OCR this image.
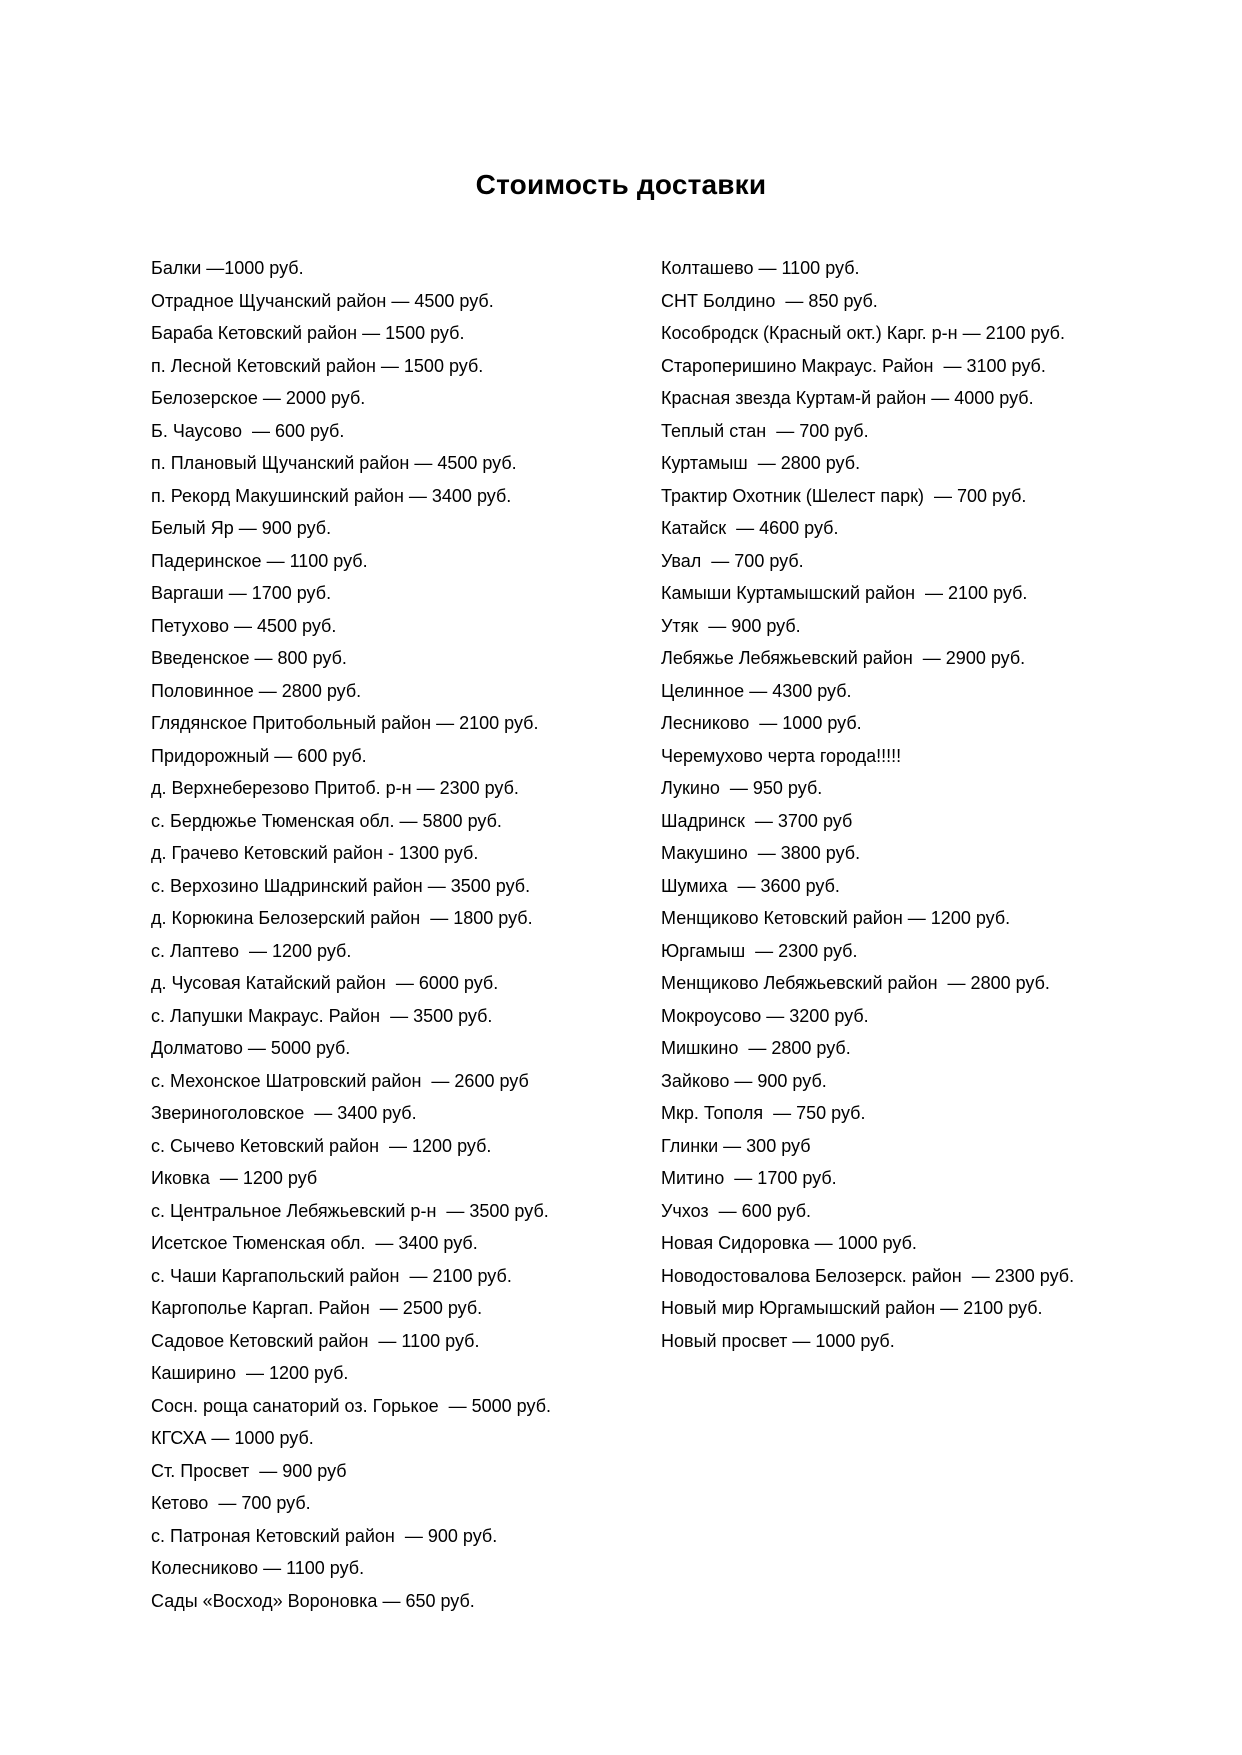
Стоимость доставки
Балки —1000 руб.
Отрадное Щучанский район — 4500 руб.
Бараба Кетовский район — 1500 руб.
п. Лесной Кетовский район — 1500 руб.
Белозерское — 2000 руб.
Б. Чаусово  — 600 руб.
п. Плановый Щучанский район — 4500 руб.
п. Рекорд Макушинский район — 3400 руб.
Белый Яр — 900 руб.
Падеринское — 1100 руб.
Варгаши — 1700 руб.
Петухово — 4500 руб.
Введенское — 800 руб.
Половинное — 2800 руб.
Глядянское Притобольный район — 2100 руб.
Придорожный — 600 руб.
д. Верхнеберезово Притоб. р-н — 2300 руб.
с. Бердюжье Тюменская обл. — 5800 руб.
д. Грачево Кетовский район - 1300 руб.
с. Верхозино Шадринский район — 3500 руб.
д. Корюкина Белозерский район  — 1800 руб.
с. Лаптево  — 1200 руб.
д. Чусовая Катайский район  — 6000 руб.
с. Лапушки Макраус. Район  — 3500 руб.
Долматово — 5000 руб.
с. Мехонское Шатровский район  — 2600 руб
Звериноголовское  — 3400 руб.
с. Сычево Кетовский район  — 1200 руб.
Иковка  — 1200 руб
с. Центральное Лебяжьевский р-н  — 3500 руб.
Исетское Тюменская обл.  — 3400 руб.
с. Чаши Каргапольский район  — 2100 руб.
Каргополье Каргап. Район  — 2500 руб.
Садовое Кетовский район  — 1100 руб.
Каширино  — 1200 руб.
Сосн. роща санаторий оз. Горькое  — 5000 руб.
КГСХА — 1000 руб.
Ст. Просвет  — 900 руб
Кетово  — 700 руб.
с. Патроная Кетовский район  — 900 руб.
Колесниково — 1100 руб.
Сады «Восход» Вороновка — 650 руб.
Колташево — 1100 руб.
СНТ Болдино  — 850 руб.
Кособродск (Красный окт.) Карг. р-н — 2100 руб.
Староперишино Макраус. Район  — 3100 руб.
Красная звезда Куртам-й район — 4000 руб.
Теплый стан  — 700 руб.
Куртамыш  — 2800 руб.
Трактир Охотник (Шелест парк)  — 700 руб.
Катайск  — 4600 руб.
Увал  — 700 руб.
Камыши Куртамышский район  — 2100 руб.
Утяк  — 900 руб.
Лебяжье Лебяжьевский район  — 2900 руб.
Целинное — 4300 руб.
Лесниково  — 1000 руб.
Черемухово черта города!!!!!
Лукино  — 950 руб.
Шадринск  — 3700 руб
Макушино  — 3800 руб.
Шумиха  — 3600 руб.
Менщиково Кетовский район — 1200 руб.
Юргамыш  — 2300 руб.
Менщиково Лебяжьевский район  — 2800 руб.
Мокроусово — 3200 руб.
Мишкино  — 2800 руб.
Зайково — 900 руб.
Мкр. Тополя  — 750 руб.
Глинки — 300 руб
Митино  — 1700 руб.
Учхоз  — 600 руб.
Новая Сидоровка — 1000 руб.
Новодостовалова Белозерск. район  — 2300 руб.
Новый мир Юргамышский район — 2100 руб.
Новый просвет — 1000 руб.
